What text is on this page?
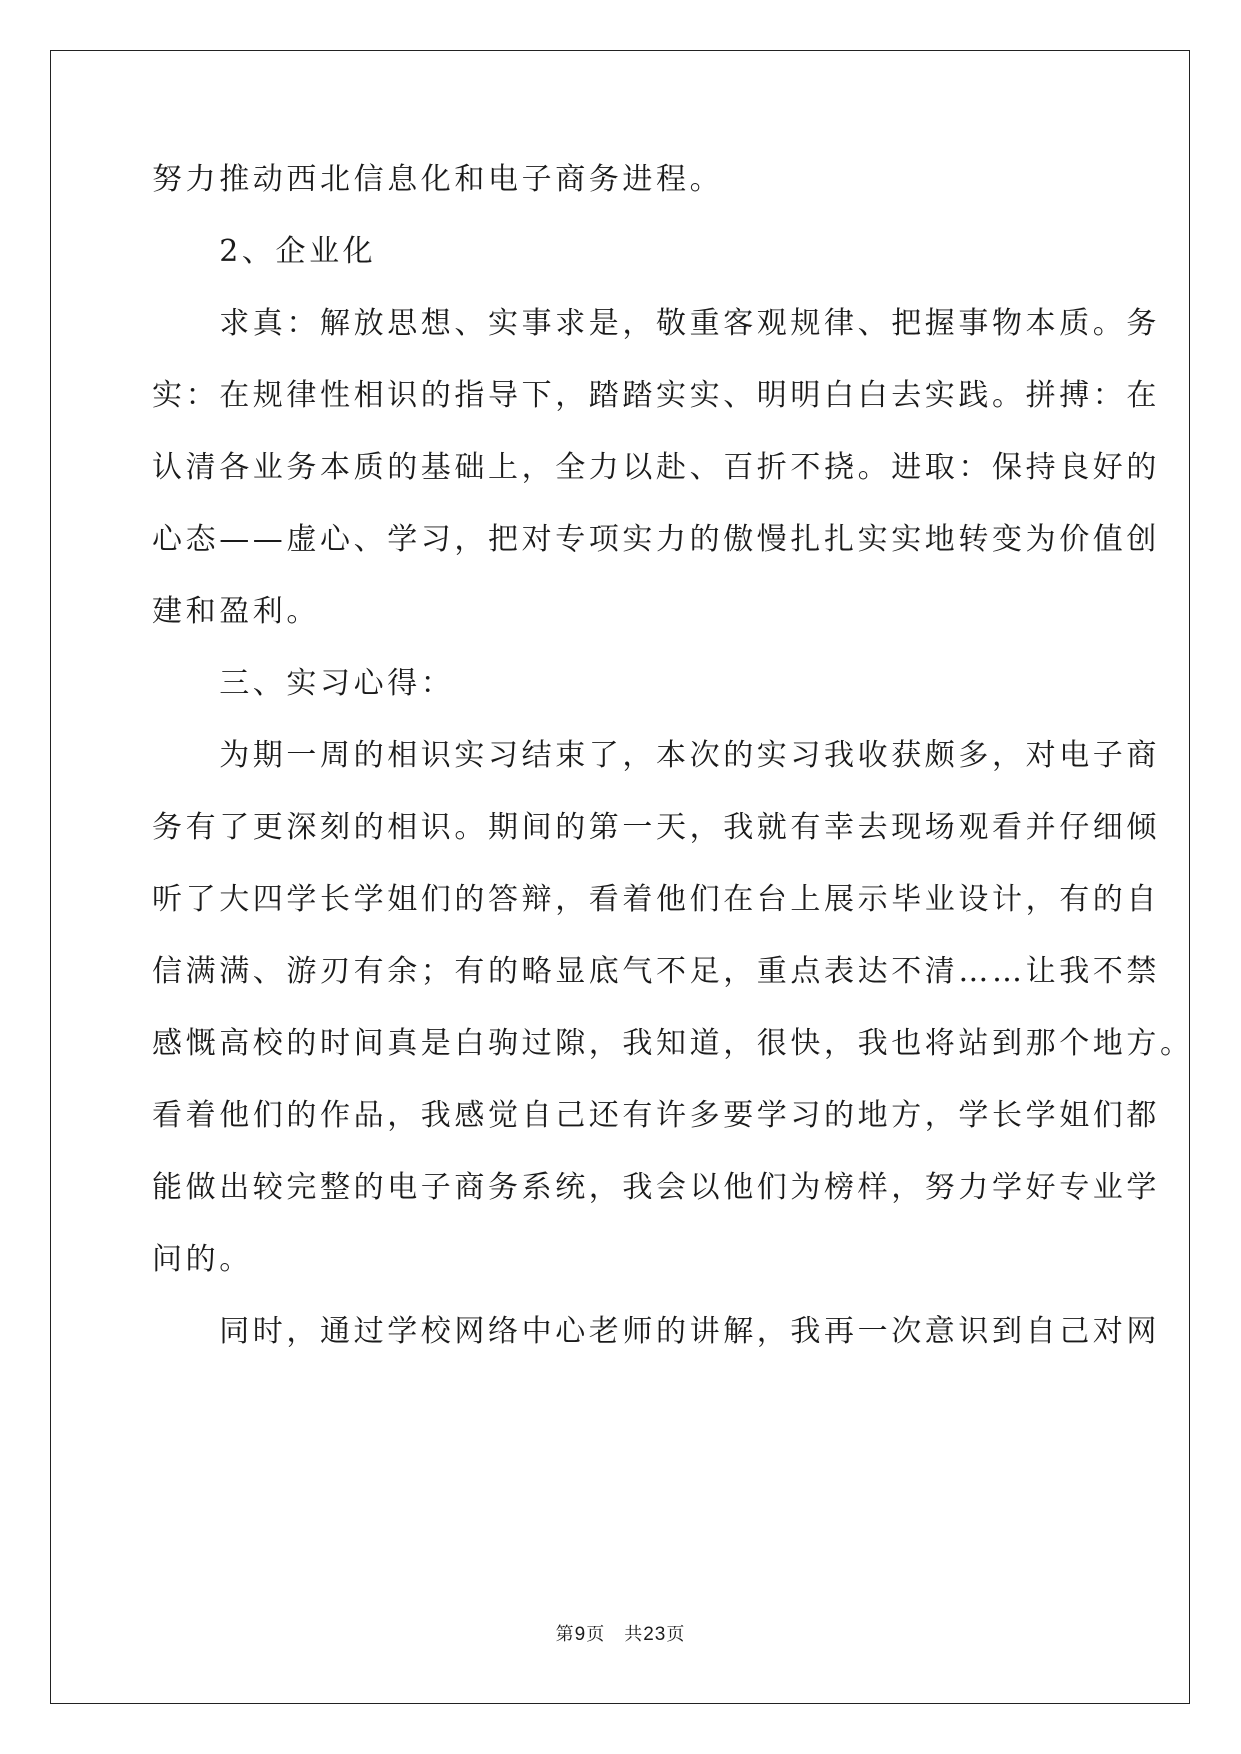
努力推动西北信息化和电子商务进程。
　　2、企业化
　　求真：解放思想、实事求是，敬重客观规律、把握事物本质。务
实：在规律性相识的指导下，踏踏实实、明明白白去实践。拼搏：在
认清各业务本质的基础上，全力以赴、百折不挠。进取：保持良好的
心态——虚心、学习，把对专项实力的傲慢扎扎实实地转变为价值创
建和盈利。
　　三、实习心得：
　　为期一周的相识实习结束了，本次的实习我收获颇多，对电子商
务有了更深刻的相识。期间的第一天，我就有幸去现场观看并仔细倾
听了大四学长学姐们的答辩，看着他们在台上展示毕业设计，有的自
信满满、游刃有余；有的略显底气不足，重点表达不清……让我不禁
感慨高校的时间真是白驹过隙，我知道，很快，我也将站到那个地方。
看着他们的作品，我感觉自己还有许多要学习的地方，学长学姐们都
能做出较完整的电子商务系统，我会以他们为榜样，努力学好专业学
问的。
　　同时，通过学校网络中心老师的讲解，我再一次意识到自己对网
第9页　共23页
